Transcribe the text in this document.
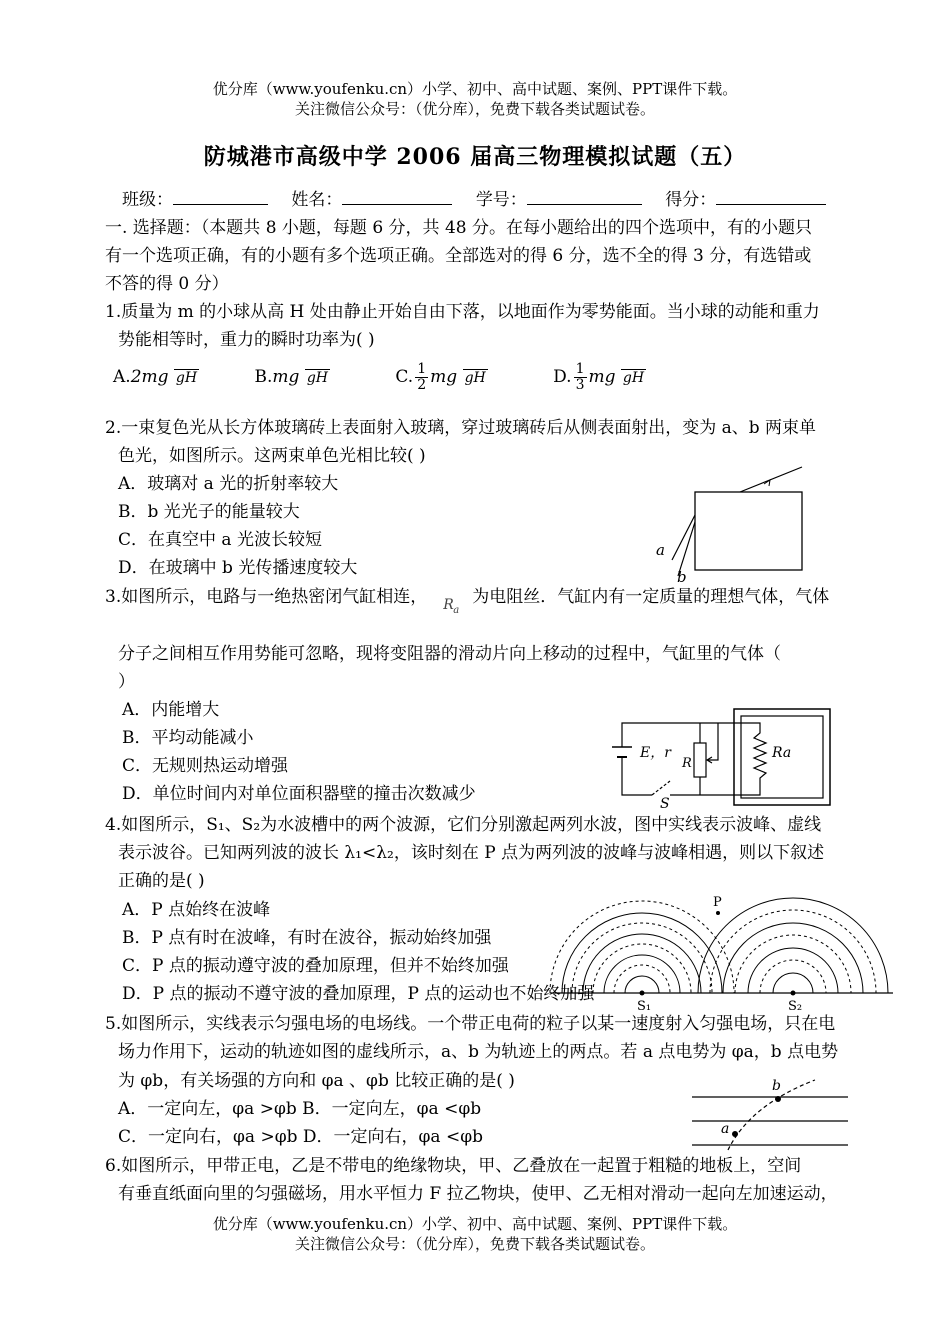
优分库（www.youfenku.cn）小学、初中、高中试题、案例、PPT课件下载。
关注微信公众号：（优分库），免费下载各类试题试卷。
防城港市高级中学 2006 届高三物理模拟试题（五）
班级：	姓名：	学号：	得分：
一. 选择题：（本题共 8 小题，每题 6 分，共 48 分。在每小题给出的四个选项中，有的小题只
有一个选项正确，有的小题有多个选项正确。全部选对的得 6 分，选不全的得 3 分，有选错或
不答的得 0 分）
1.质量为 m 的小球从高 H 处由静止开始自由下落，以地面作为零势能面。当小球的动能和重力
势能相等时，重力的瞬时功率为( )
A.2mg gH	B.mg gH	C. $\frac{1}{2}$ mg gH	D. $\frac{1}{3}$ mg gH
2.一束复色光从长方体玻璃砖上表面射入玻璃，穿过玻璃砖后从侧表面射出，变为 a、b 两束单
色光，如图所示。这两束单色光相比较( )
A．玻璃对 a 光的折射率较大
B．b 光光子的能量较大
C．在真空中 a 光波长较短
D．在玻璃中 b 光传播速度较大
a
b
3.如图所示，电路与一绝热密闭气缸相连， R a
为电阻丝．气缸内有一定质量的理想气体，气体
分子之间相互作用势能可忽略，现将变阻器的滑动片向上移动的过程中，气缸里的气体（
）
A．内能增大
B．平均动能减小
C．无规则热运动增强
D．单位时间内对单位面积器壁的撞击次数减少
E，r
R
S
Ra
4.如图所示，S₁、S₂为水波槽中的两个波源，它们分别激起两列水波，图中实线表示波峰、虚线
表示波谷。已知两列波的波长 λ₁<λ₂，该时刻在 P 点为两列波的波峰与波峰相遇，则以下叙述
正确的是( )
A．P 点始终在波峰
B．P 点有时在波峰，有时在波谷，振动始终加强
C．P 点的振动遵守波的叠加原理，但并不始终加强
D．P 点的振动不遵守波的叠加原理，P 点的运动也不始终加强
P
S₁	S₂
5.如图所示，实线表示匀强电场的电场线。一个带正电荷的粒子以某一速度射入匀强电场，只在电
场力作用下，运动的轨迹如图的虚线所示，a、b 为轨迹上的两点。若 a 点电势为 φa，b 点电势
为 φb，有关场强的方向和 φa 、φb 比较正确的是( )
A．一定向左，φa >φb B．一定向左，φa <φb
C．一定向右，φa >φb D．一定向右，φa <φb	a
b
6.如图所示，甲带正电，乙是不带电的绝缘物块，甲、乙叠放在一起置于粗糙的地板上，空间
有垂直纸面向里的匀强磁场，用水平恒力 F 拉乙物块，使甲、乙无相对滑动一起向左加速运动，
优分库（www.youfenku.cn）小学、初中、高中试题、案例、PPT课件下载。
关注微信公众号：（优分库），免费下载各类试题试卷。
